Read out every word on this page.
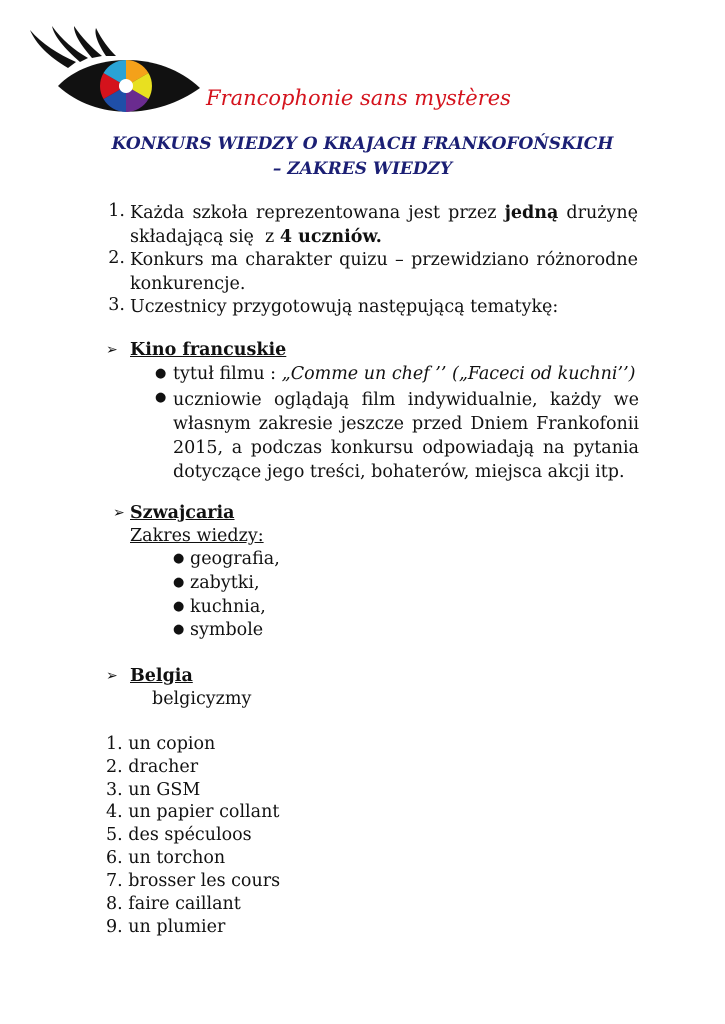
Francophonie sans mystères
KONKURS WIEDZY O KRAJACH FRANKOFOŃSKICH
– ZAKRES WIEDZY
1. Każda szkoła reprezentowana jest przez jedną drużynę
składającą się  z 4 uczniów.
2. Konkurs ma charakter quizu – przewidziano różnorodne
konkurencje.
3. Uczestnicy przygotowują następującą tematykę:
➢ Kino francuskie
● tytuł filmu : „Comme un chef ’’ („Faceci od kuchni’’)
● uczniowie oglądają film indywidualnie, każdy we
własnym zakresie jeszcze przed Dniem Frankofonii
2015, a podczas konkursu odpowiadają na pytania
dotyczące jego treści, bohaterów, miejsca akcji itp.
➢ Szwajcaria
Zakres wiedzy:
● geografia,
● zabytki,
● kuchnia,
● symbole
➢ Belgia
belgicyzmy
1. un copion
2. dracher
3. un GSM
4. un papier collant
5. des spéculoos
6. un torchon
7. brosser les cours
8. faire caillant
9. un plumier
